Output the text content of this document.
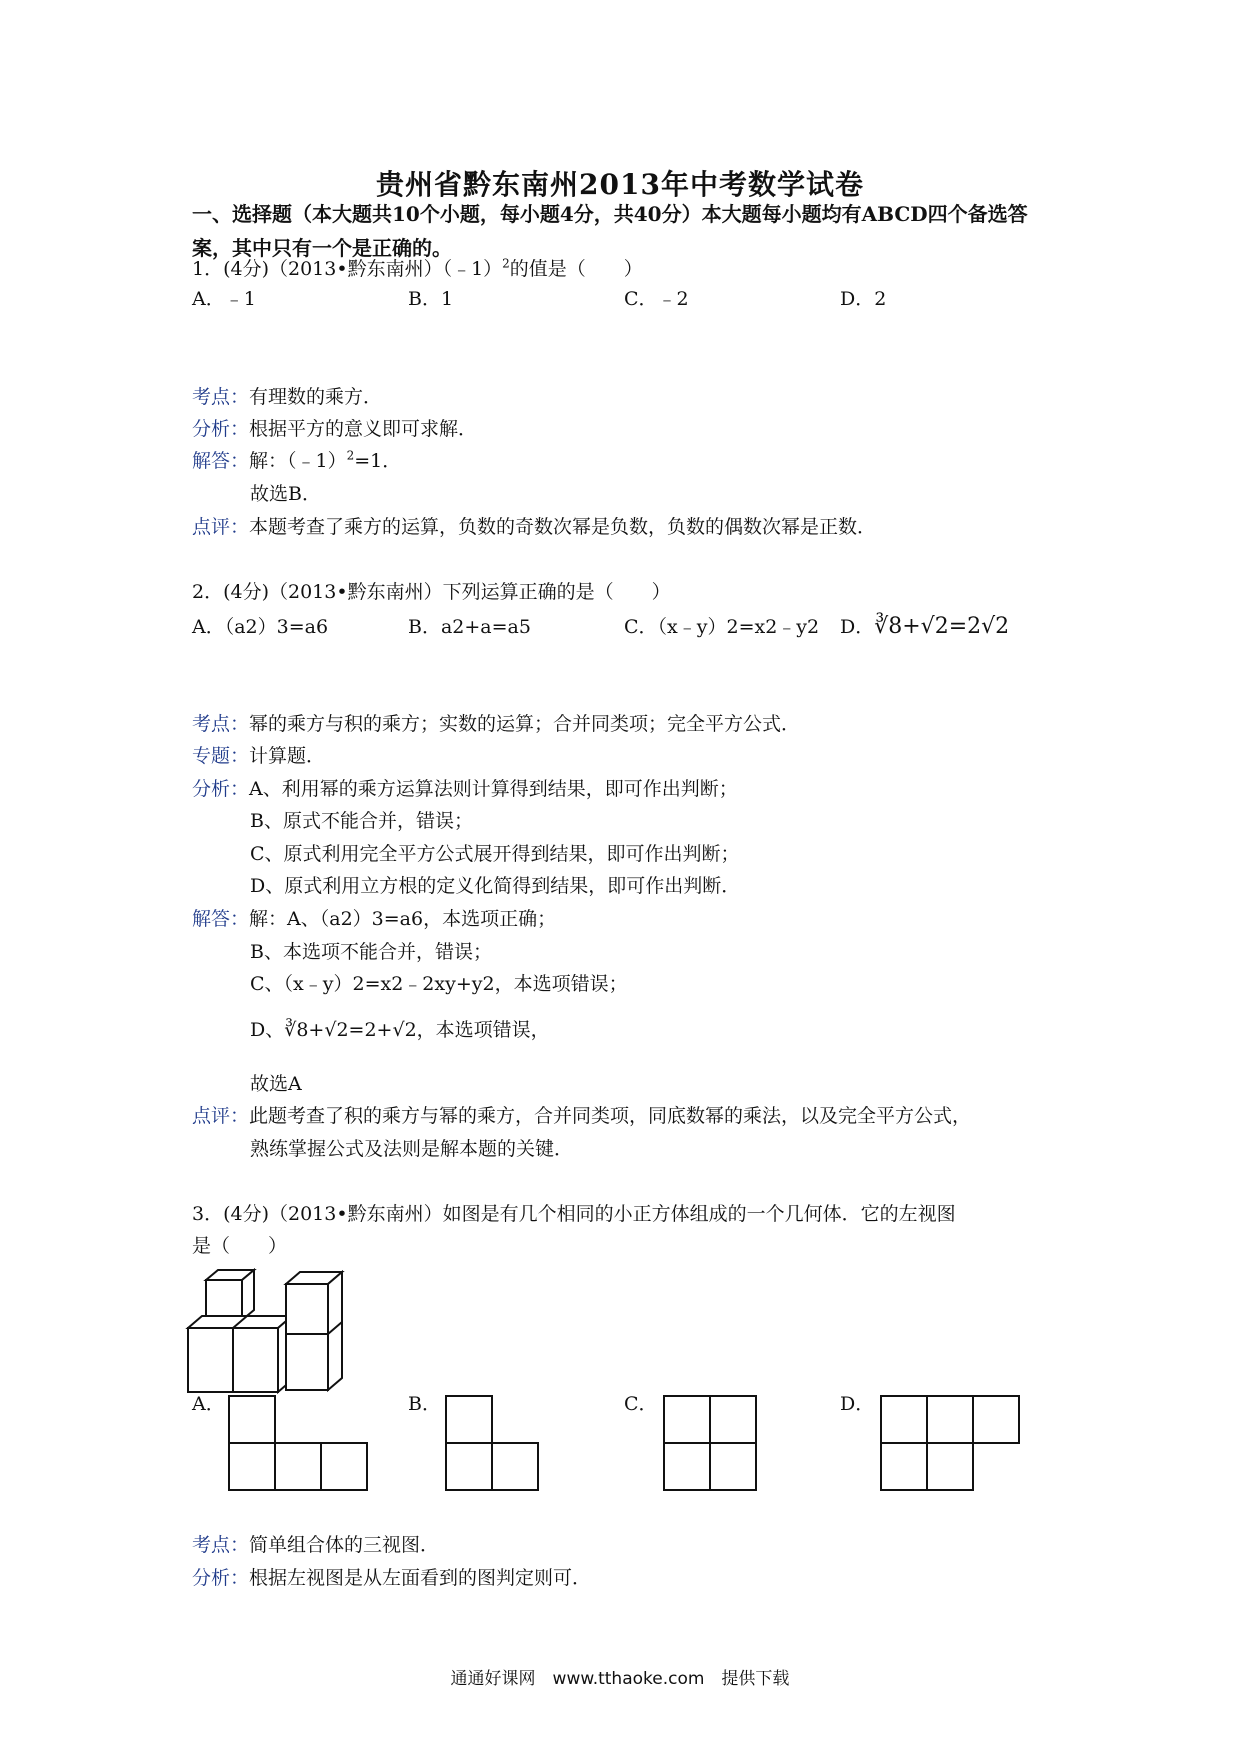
贵州省黔东南州2013年中考数学试卷
一、选择题（本大题共10个小题，每小题4分，共40分）本大题每小题均有ABCD四个备选答案，其中只有一个是正确的。
1．(4分)（2013•黔东南州）（﹣1）$^2$的值是（　　）
A．﹣1	B．1	C．﹣2	D．2
考点：有理数的乘方．
分析：根据平方的意义即可求解．
解答：解：（﹣1）$^2$=1．
故选B．
点评：本题考查了乘方的运算，负数的奇数次幂是负数，负数的偶数次幂是正数．
2．(4分)（2013•黔东南州）下列运算正确的是（　　）
A．（a2）3=a6	B．a2+a=a5	C．（x﹣y）2=x2﹣y2 D．∛8+√2=2√2
考点：幂的乘方与积的乘方；实数的运算；合并同类项；完全平方公式．
专题：计算题．
分析：A、利用幂的乘方运算法则计算得到结果，即可作出判断；
B、原式不能合并，错误；
C、原式利用完全平方公式展开得到结果，即可作出判断；
D、原式利用立方根的定义化简得到结果，即可作出判断．
解答：解：A、（a2）3=a6，本选项正确；
B、本选项不能合并，错误；
C、（x﹣y）2=x2﹣2xy+y2，本选项错误；
D、∛8+√2=2+√2，本选项错误，
故选A
点评：此题考查了积的乘方与幂的乘方，合并同类项，同底数幂的乘法，以及完全平方公式，
熟练掌握公式及法则是解本题的关键．
3．(4分)（2013•黔东南州）如图是有几个相同的小正方体组成的一个几何体．它的左视图
是（　　）
A．	B．	C．	D．
考点：简单组合体的三视图．
分析：根据左视图是从左面看到的图判定则可．
通通好课网　www.tthaoke.com　提供下载
